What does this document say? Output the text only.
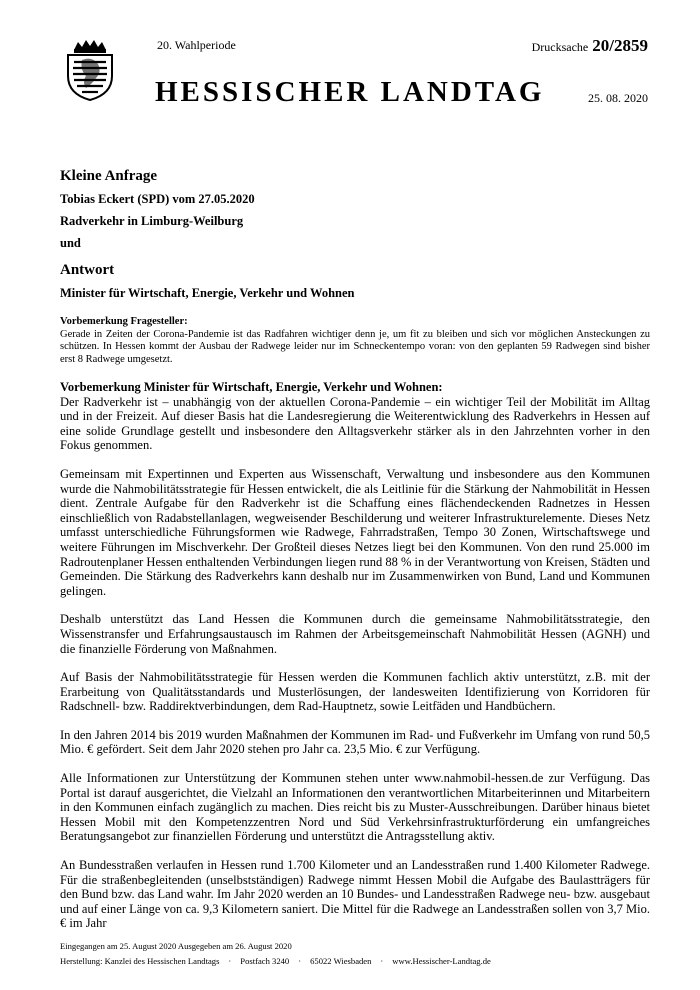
20. Wahlperiode	Drucksache 20/2859
HESSISCHER LANDTAG	25. 08. 2020
Kleine Anfrage
Tobias Eckert (SPD) vom 27.05.2020
Radverkehr in Limburg-Weilburg
und
Antwort
Minister für Wirtschaft, Energie, Verkehr und Wohnen
Vorbemerkung Fragesteller:
Gerade in Zeiten der Corona-Pandemie ist das Radfahren wichtiger denn je, um fit zu bleiben und sich vor möglichen Ansteckungen zu schützen. In Hessen kommt der Ausbau der Radwege leider nur im Schneckentempo voran: von den geplanten 59 Radwegen sind bisher erst 8 Radwege umgesetzt.
Vorbemerkung Minister für Wirtschaft, Energie, Verkehr und Wohnen:

Der Radverkehr ist – unabhängig von der aktuellen Corona-Pandemie – ein wichtiger Teil der Mobilität im Alltag und in der Freizeit. Auf dieser Basis hat die Landesregierung die Weiterentwicklung des Radverkehrs in Hessen auf eine solide Grundlage gestellt und insbesondere den Alltagsverkehr stärker als in den Jahrzehnten vorher in den Fokus genommen.

Gemeinsam mit Expertinnen und Experten aus Wissenschaft, Verwaltung und insbesondere aus den Kommunen wurde die Nahmobilitätsstrategie für Hessen entwickelt, die als Leitlinie für die Stärkung der Nahmobilität in Hessen dient. Zentrale Aufgabe für den Radverkehr ist die Schaffung eines flächendeckenden Radnetzes in Hessen einschließlich von Radabstellanlagen, wegweisender Beschilderung und weiterer Infrastrukturelemente. Dieses Netz umfasst unterschiedliche Führungsformen wie Radwege, Fahrradstraßen, Tempo 30 Zonen, Wirtschaftswege und weitere Führungen im Mischverkehr. Der Großteil dieses Netzes liegt bei den Kommunen. Von den rund 25.000 im Radroutenplaner Hessen enthaltenden Verbindungen liegen rund 88 % in der Verantwortung von Kreisen, Städten und Gemeinden. Die Stärkung des Radverkehrs kann deshalb nur im Zusammenwirken von Bund, Land und Kommunen gelingen.

Deshalb unterstützt das Land Hessen die Kommunen durch die gemeinsame Nahmobilitätsstrategie, den Wissenstransfer und Erfahrungsaustausch im Rahmen der Arbeitsgemeinschaft Nahmobilität Hessen (AGNH) und die finanzielle Förderung von Maßnahmen.

Auf Basis der Nahmobilitätsstrategie für Hessen werden die Kommunen fachlich aktiv unterstützt, z.B. mit der Erarbeitung von Qualitätsstandards und Musterlösungen, der landesweiten Identifizierung von Korridoren für Radschnell- bzw. Raddirektverbindungen, dem Rad-Hauptnetz, sowie Leitfäden und Handbüchern.

In den Jahren 2014 bis 2019 wurden Maßnahmen der Kommunen im Rad- und Fußverkehr im Umfang von rund 50,5 Mio. € gefördert. Seit dem Jahr 2020 stehen pro Jahr ca. 23,5 Mio. € zur Verfügung.

Alle Informationen zur Unterstützung der Kommunen stehen unter www.nahmobil-hessen.de zur Verfügung. Das Portal ist darauf ausgerichtet, die Vielzahl an Informationen den verantwortlichen Mitarbeiterinnen und Mitarbeitern in den Kommunen einfach zugänglich zu machen. Dies reicht bis zu Muster-Ausschreibungen. Darüber hinaus bietet Hessen Mobil mit den Kompetenzzentren Nord und Süd Verkehrsinfrastrukturförderung ein umfangreiches Beratungsangebot zur finanziellen Förderung und unterstützt die Antragsstellung aktiv.

An Bundesstraßen verlaufen in Hessen rund 1.700 Kilometer und an Landesstraßen rund 1.400 Kilometer Radwege. Für die straßenbegleitenden (unselbstständigen) Radwege nimmt Hessen Mobil die Aufgabe des Baulastträgers für den Bund bzw. das Land wahr. Im Jahr 2020 werden an 10 Bundes- und Landesstraßen Radwege neu- bzw. ausgebaut und auf einer Länge von ca. 9,3 Kilometern saniert. Die Mittel für die Radwege an Landesstraßen sollen von 3,7 Mio. € im Jahr

Eingegangen am 25. August 2020 Ausgegeben am 26. August 2020
Herstellung: Kanzlei des Hessischen Landtags · Postfach 3240 · 65022 Wiesbaden · www.Hessischer-Landtag.de
